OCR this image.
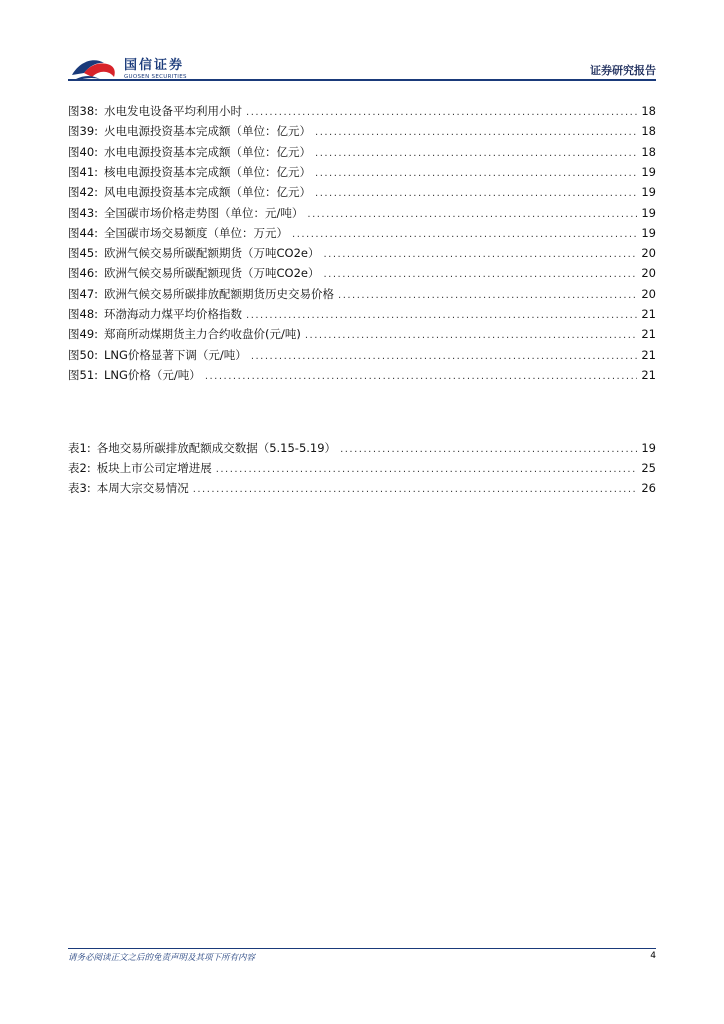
国信证券
GUOSEN SECURITIES	证券研究报告
图38: 水电发电设备平均利用小时 .....	18
图39: 火电电源投资基本完成额（单位：亿元） .....	18
图40: 水电电源投资基本完成额（单位：亿元） .....	18
图41: 核电电源投资基本完成额（单位：亿元） .....	19
图42: 风电电源投资基本完成额（单位：亿元） .....	19
图43: 全国碳市场价格走势图（单位：元/吨） .....	19
图44: 全国碳市场交易额度（单位：万元） .....	19
图45: 欧洲气候交易所碳配额期货（万吨CO2e） .....	20
图46: 欧洲气候交易所碳配额现货（万吨CO2e） .....	20
图47: 欧洲气候交易所碳排放配额期货历史交易价格 .....	20
图48: 环渤海动力煤平均价格指数 .....	21
图49: 郑商所动煤期货主力合约收盘价(元/吨) .....	21
图50: LNG价格显著下调（元/吨） .....	21
图51: LNG价格（元/吨） .....	21
表1: 各地交易所碳排放配额成交数据（5.15-5.19） .....	19
表2: 板块上市公司定增进展 .....	25
表3: 本周大宗交易情况 .....	26
请务必阅读正文之后的免责声明及其项下所有内容	4
